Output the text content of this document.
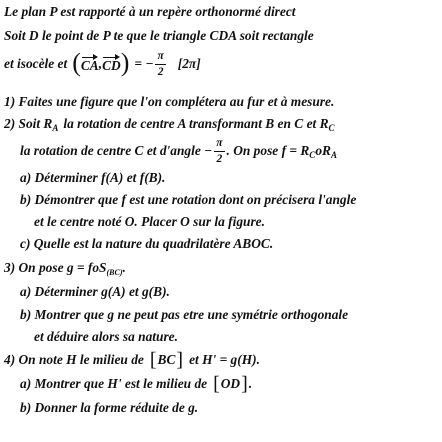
Le plan P est rapporté à un repère orthonormé direct
Soit D le point de P te que le triangle CDA soit rectangle
et isocèle et ( CA , CD ) = − $\frac{\pi}{2} [2\pi]$
1) Faites une figure que l'on complétera au fur et à mesure.
2) Soit R A la rotation de centre A transformant B en C et R C
la rotation de centre C et d'angle − $\frac{\pi}{2}$ . On pose f = R C oR A
a) Déterminer f(A) et f(B).
b) Démontrer que f est une rotation dont on précisera l'angle
et le centre noté O. Placer O sur la figure.
c) Quelle est la nature du quadrilatère ABOC.
3) On pose g = foS (BC) .
a) Déterminer g(A) et g(B).
b) Montrer que g ne peut pas etre une symétrie orthogonale
et déduire alors sa nature.
4) On note H le milieu de [ BC ] et H' = g(H).
a) Montrer que H' est le milieu de [ OD ] .
b) Donner la forme réduite de g.
